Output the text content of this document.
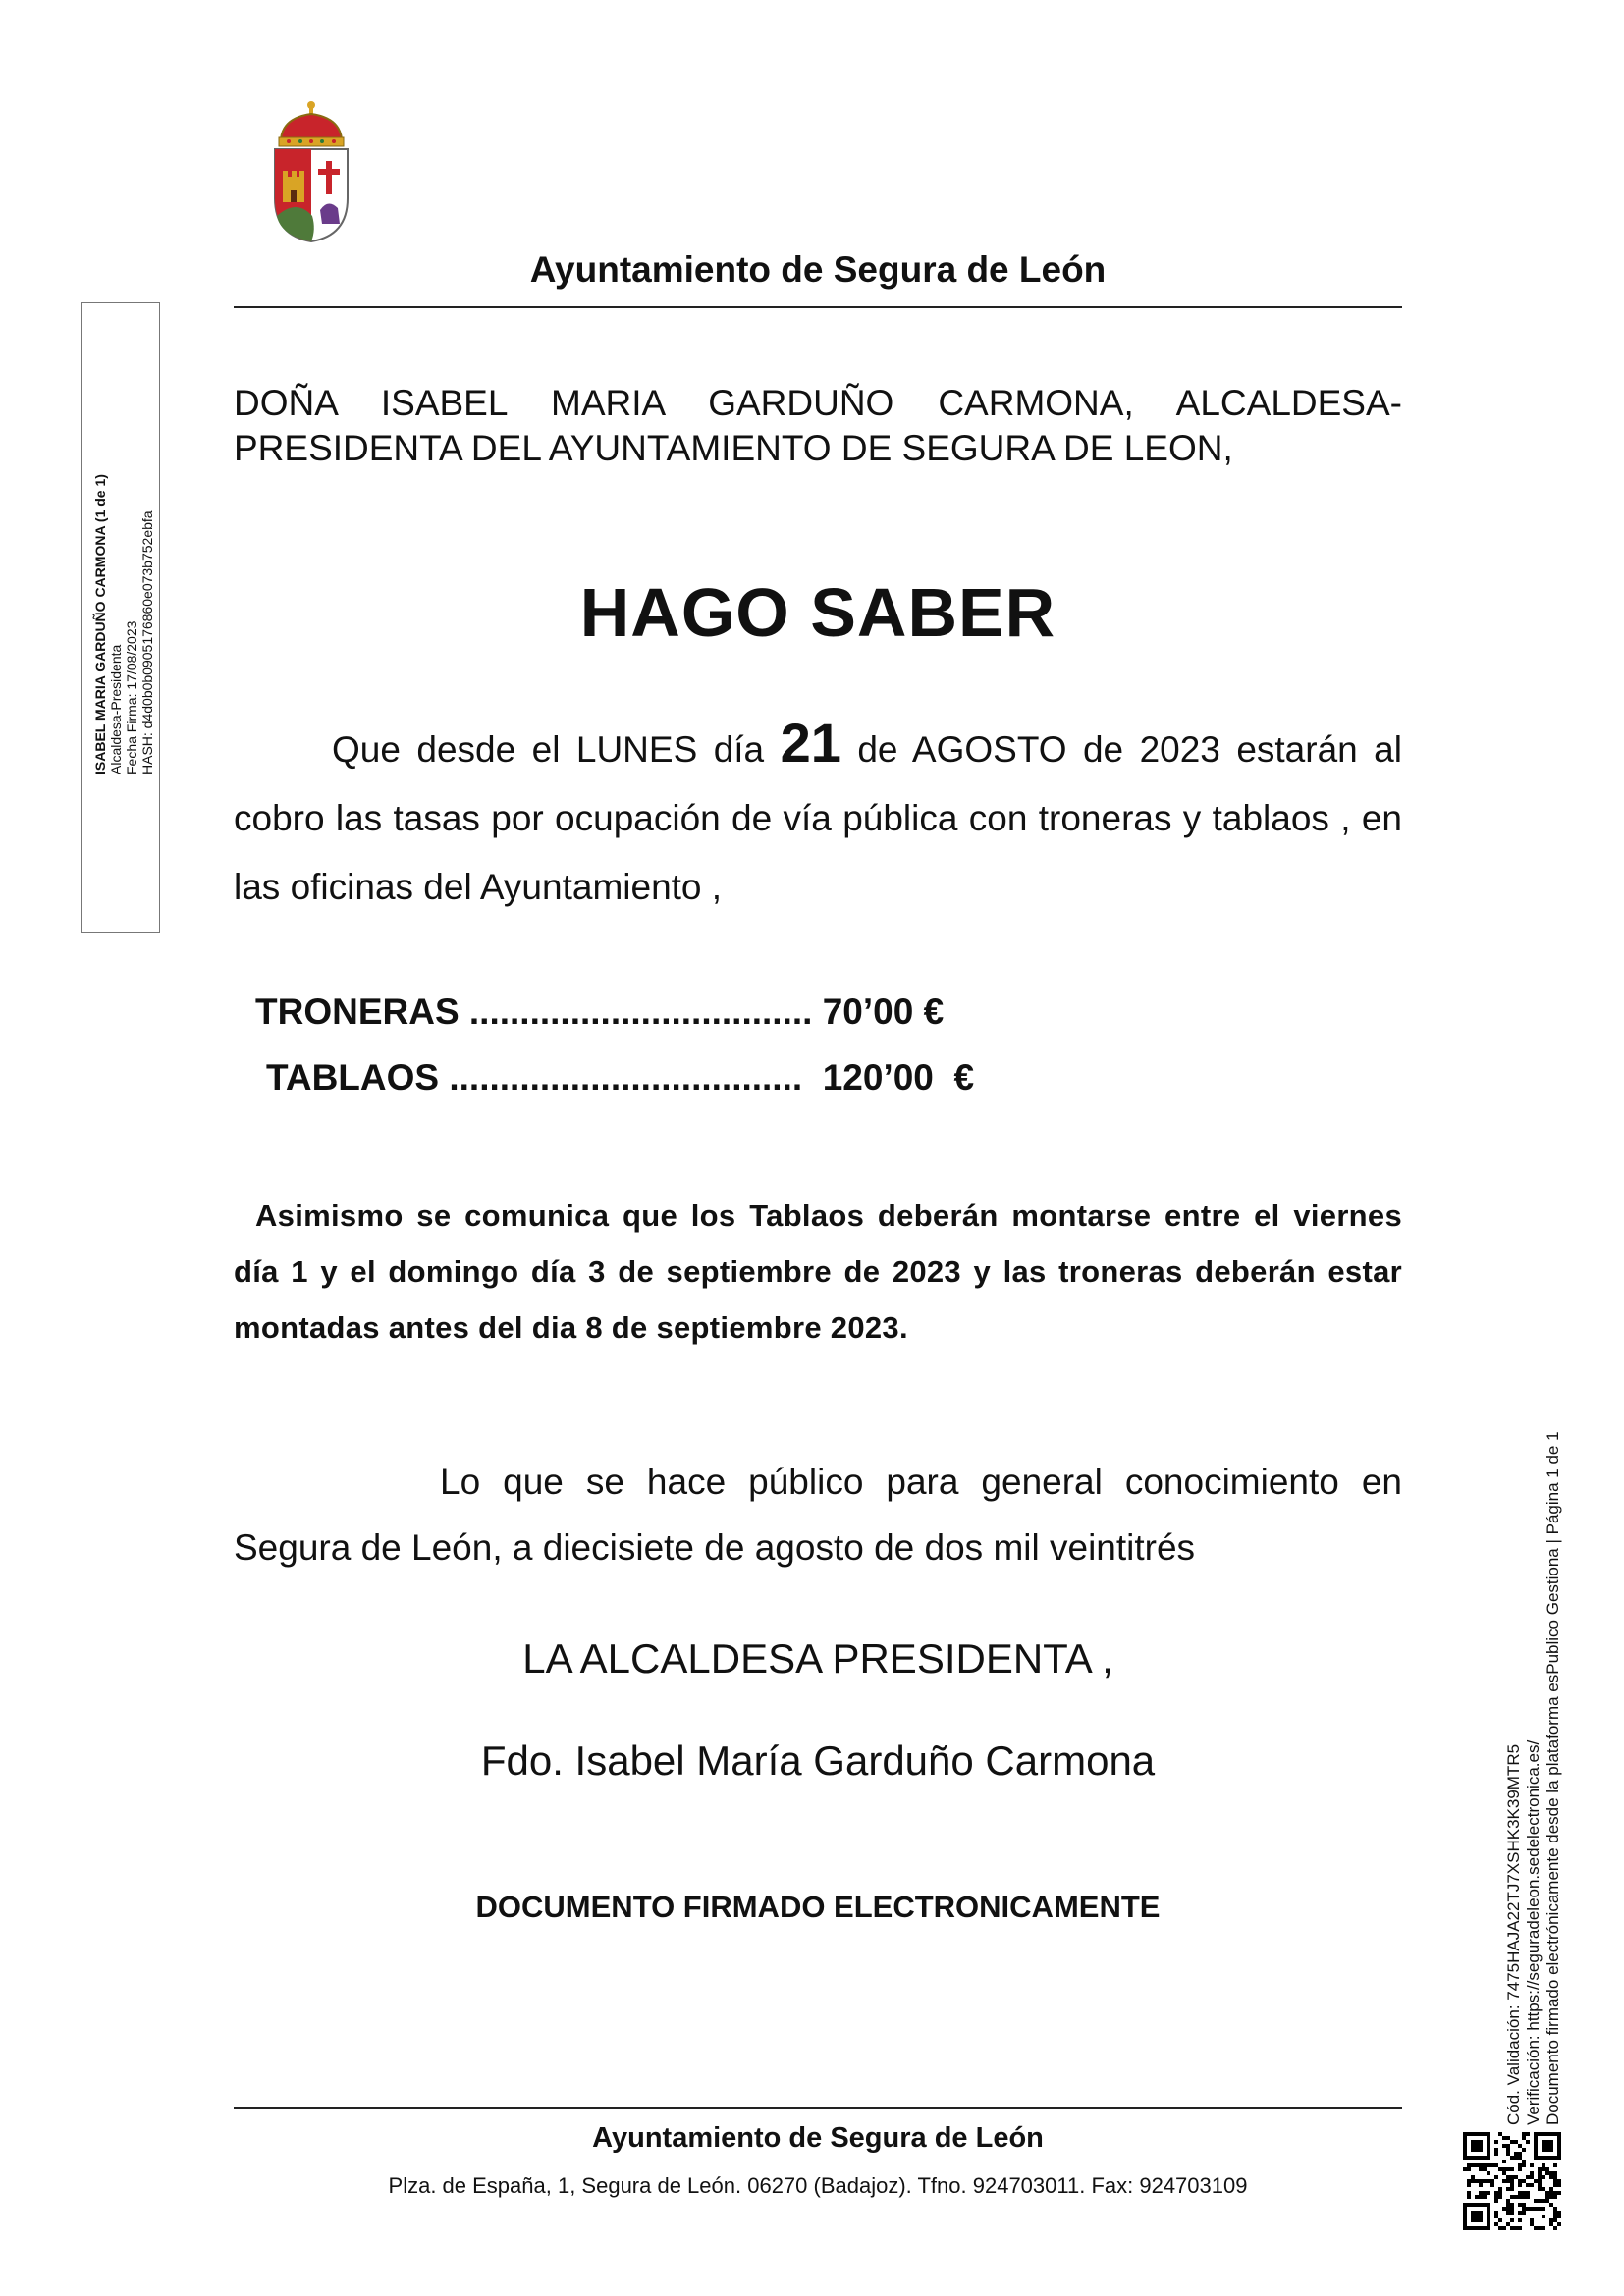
Ayuntamiento de Segura de León
DOÑA ISABEL MARIA GARDUÑO CARMONA, ALCALDESA-PRESIDENTA DEL AYUNTAMIENTO DE SEGURA DE LEON,
HAGO SABER
Que desde el LUNES día 21 de AGOSTO de 2023 estarán al cobro las tasas por ocupación de vía pública con troneras y tablaos , en las oficinas del Ayuntamiento ,
TRONERAS .................................. 70’00 €
TABLAOS ...................................  120’00  €
Asimismo se comunica que los Tablaos deberán montarse entre el viernes día 1 y el domingo día 3 de septiembre de 2023 y las troneras deberán estar montadas antes del dia 8 de septiembre 2023.
Lo que se hace público para general conocimiento en Segura de León, a diecisiete de agosto de dos mil veintitrés
LA ALCALDESA PRESIDENTA ,
Fdo. Isabel María Garduño Carmona
DOCUMENTO FIRMADO ELECTRONICAMENTE
Ayuntamiento de Segura de León
Plza. de España, 1, Segura de León. 06270 (Badajoz). Tfno. 924703011. Fax: 924703109
ISABEL MARIA GARDUÑO CARMONA (1 de 1) Alcaldesa-Presidenta Fecha Firma: 17/08/2023 HASH: d4d0b0b0905176860e073b752ebfa
Cód. Validación: 7475HAJA22TJ7XSHK3K39MTR5 Verificación: https://seguradeleon.sedelectronica.es/ Documento firmado electrónicamente desde la plataforma esPublico Gestiona | Página 1 de 1
